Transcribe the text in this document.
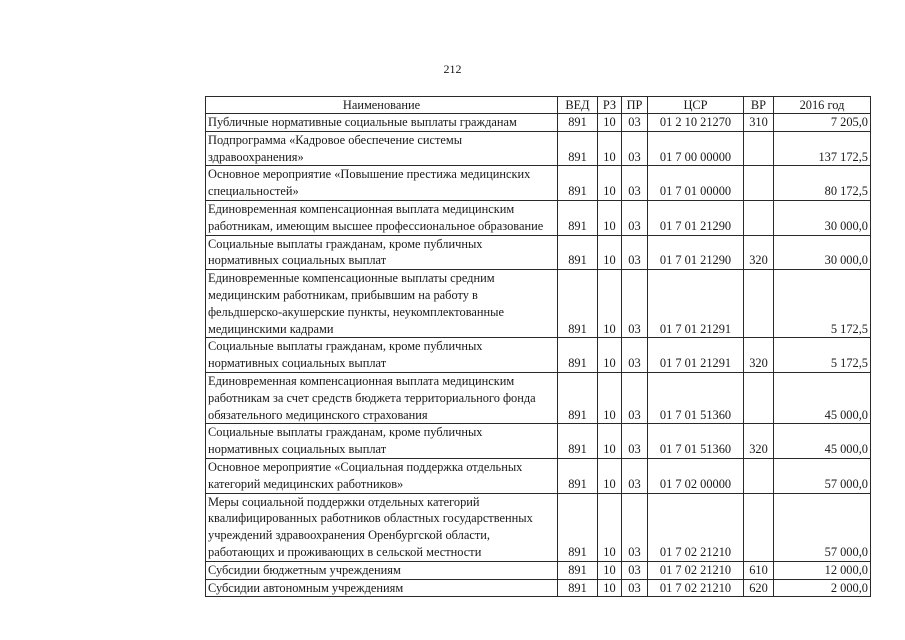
212
Наименование	ВЕД	РЗ	ПР	ЦСР	ВР	2016 год
Публичные нормативные социальные выплаты гражданам	891	10	03	01 2 10 21270	310	7 205,0
Подпрограмма «Кадровое обеспечение системы
здравоохранения»	891	10	03	01 7 00 00000		137 172,5
Основное мероприятие «Повышение престижа медицинских
специальностей»	891	10	03	01 7 01 00000		80 172,5
Единовременная компенсационная выплата медицинским
работникам, имеющим высшее профессиональное образование	891	10	03	01 7 01 21290		30 000,0
Социальные выплаты гражданам, кроме публичных
нормативных социальных выплат	891	10	03	01 7 01 21290	320	30 000,0
Единовременные компенсационные выплаты средним
медицинским работникам, прибывшим на работу в
фельдшерско-акушерские пункты, неукомплектованные
медицинскими кадрами	891	10	03	01 7 01 21291		5 172,5
Социальные выплаты гражданам, кроме публичных
нормативных социальных выплат	891	10	03	01 7 01 21291	320	5 172,5
Единовременная компенсационная выплата медицинским
работникам за счет средств бюджета территориального фонда
обязательного медицинского страхования	891	10	03	01 7 01 51360		45 000,0
Социальные выплаты гражданам, кроме публичных
нормативных социальных выплат	891	10	03	01 7 01 51360	320	45 000,0
Основное мероприятие «Социальная поддержка отдельных
категорий медицинских работников»	891	10	03	01 7 02 00000		57 000,0
Меры социальной поддержки отдельных категорий
квалифицированных работников областных государственных
учреждений здравоохранения Оренбургской области,
работающих и проживающих в сельской местности	891	10	03	01 7 02 21210		57 000,0
Субсидии бюджетным учреждениям	891	10	03	01 7 02 21210	610	12 000,0
Субсидии автономным учреждениям	891	10	03	01 7 02 21210	620	2 000,0
